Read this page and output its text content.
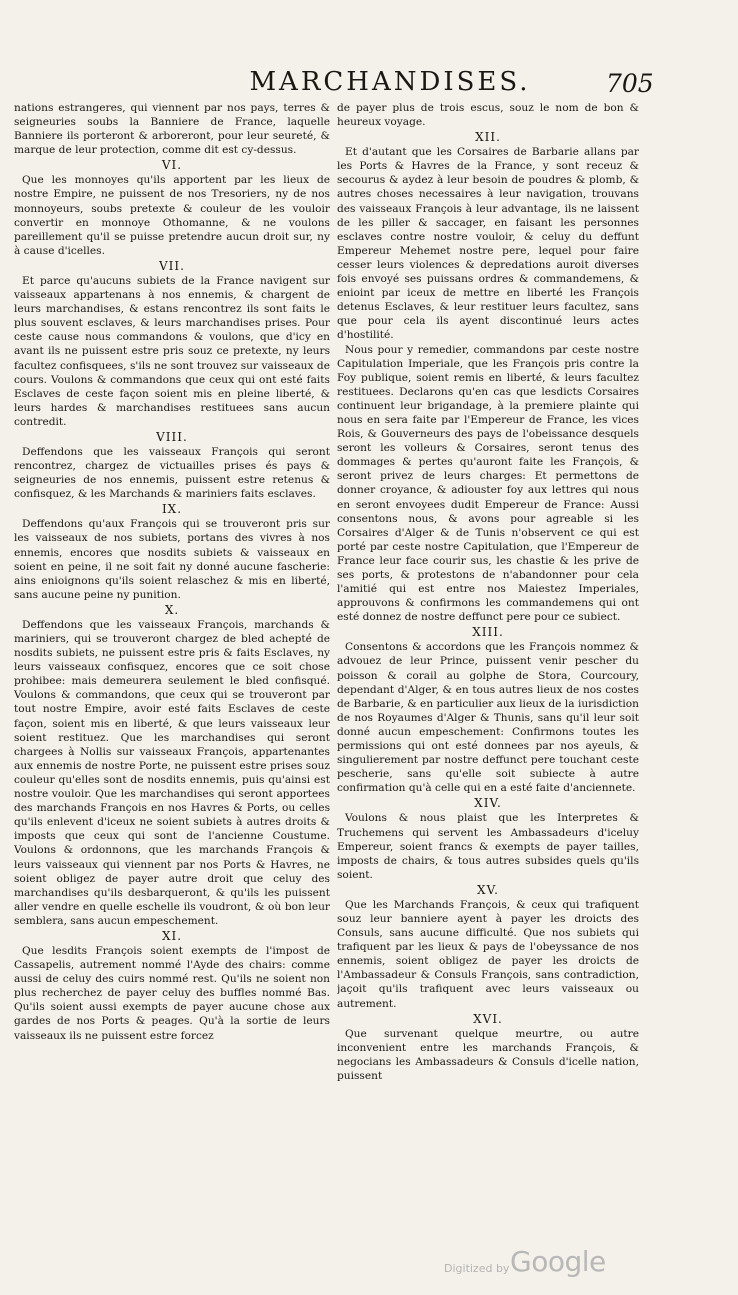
MARCHANDISES.	705

nations estrangeres, qui viennent par nos pays, terres & seigneuries soubs la Banniere de France, laquelle Banniere ils porteront & arboreront, pour leur seureté, & marque de leur protection, comme dit est cy-dessus.

VI.

Que les monnoyes qu'ils apportent par les lieux de nostre Empire, ne puissent de nos Tresoriers, ny de nos monnoyeurs, soubs pretexte & couleur de les vouloir convertir en monnoye Othomanne, & ne voulons pareillement qu'il se puisse pretendre aucun droit sur, ny à cause d'icelles.

VII.

Et parce qu'aucuns subiets de la France navigent sur vaisseaux appartenans à nos ennemis, & chargent de leurs marchandises, & estans rencontrez ils sont faits le plus souvent esclaves, & leurs marchandises prises. Pour ceste cause nous commandons & voulons, que d'icy en avant ils ne puissent estre pris souz ce pretexte, ny leurs facultez confisquees, s'ils ne sont trouvez sur vaisseaux de cours. Voulons & commandons que ceux qui ont esté faits Esclaves de ceste façon soient mis en pleine liberté, & leurs hardes & marchandises restituees sans aucun contredit.

VIII.

Deffendons que les vaisseaux François qui seront rencontrez, chargez de victuailles prises és pays & seigneuries de nos ennemis, puissent estre retenus & confisquez, & les Marchands & mariniers faits esclaves.

IX.

Deffendons qu'aux François qui se trouveront pris sur les vaisseaux de nos subiets, portans des vivres à nos ennemis, encores que nosdits subiets & vaisseaux en soient en peine, il ne soit fait ny donné aucune fascherie: ains enioignons qu'ils soient relaschez & mis en liberté, sans aucune peine ny punition.

X.

Deffendons que les vaisseaux François, marchands & mariniers, qui se trouveront chargez de bled achepté de nosdits subiets, ne puissent estre pris & faits Esclaves, ny leurs vaisseaux confisquez, encores que ce soit chose prohibee: mais demeurera seulement le bled confisqué. Voulons & commandons, que ceux qui se trouveront par tout nostre Empire, avoir esté faits Esclaves de ceste façon, soient mis en liberté, & que leurs vaisseaux leur soient restituez. Que les marchandises qui seront chargees à Nollis sur vaisseaux François, appartenantes aux ennemis de nostre Porte, ne puissent estre prises souz couleur qu'elles sont de nosdits ennemis, puis qu'ainsi est nostre vouloir. Que les marchandises qui seront apportees des marchands François en nos Havres & Ports, ou celles qu'ils enlevent d'iceux ne soient subiets à autres droits & imposts que ceux qui sont de l'ancienne Coustume. Voulons & ordonnons, que les marchands François & leurs vaisseaux qui viennent par nos Ports & Havres, ne soient obligez de payer autre droit que celuy des marchandises qu'ils desbarqueront, & qu'ils les puissent aller vendre en quelle eschelle ils voudront, & où bon leur semblera, sans aucun empeschement.

XI.

Que lesdits François soient exempts de l'impost de Cassapelis, autrement nommé l'Ayde des chairs: comme aussi de celuy des cuirs nommé rest. Qu'ils ne soient non plus recherchez de payer celuy des buffles nommé Bas. Qu'ils soient aussi exempts de payer aucune chose aux gardes de nos Ports & peages. Qu'à la sortie de leurs vaisseaux ils ne puissent estre forcez

de payer plus de trois escus, souz le nom de bon & heureux voyage.

XII.

Et d'autant que les Corsaires de Barbarie allans par les Ports & Havres de la France, y sont receuz & secourus & aydez à leur besoin de poudres & plomb, & autres choses necessaires à leur navigation, trouvans des vaisseaux François à leur advantage, ils ne laissent de les piller & saccager, en faisant les personnes esclaves contre nostre vouloir, & celuy du deffunt Empereur Mehemet nostre pere, lequel pour faire cesser leurs violences & depredations auroit diverses fois envoyé ses puissans ordres & commandemens, & enioint par iceux de mettre en liberté les François detenus Esclaves, & leur restituer leurs facultez, sans que pour cela ils ayent discontinué leurs actes d'hostilité.

Nous pour y remedier, commandons par ceste nostre Capitulation Imperiale, que les François pris contre la Foy publique, soient remis en liberté, & leurs facultez restituees. Declarons qu'en cas que lesdicts Corsaires continuent leur brigandage, à la premiere plainte qui nous en sera faite par l'Empereur de France, les vices Rois, & Gouverneurs des pays de l'obeissance desquels seront les volleurs & Corsaires, seront tenus des dommages & pertes qu'auront faite les François, & seront privez de leurs charges: Et permettons de donner croyance, & adiouster foy aux lettres qui nous en seront envoyees dudit Empereur de France: Aussi consentons nous, & avons pour agreable si les Corsaires d'Alger & de Tunis n'observent ce qui est porté par ceste nostre Capitulation, que l'Empereur de France leur face courir sus, les chastie & les prive de ses ports, & protestons de n'abandonner pour cela l'amitié qui est entre nos Maiestez Imperiales, approuvons & confirmons les commandemens qui ont esté donnez de nostre deffunct pere pour ce subiect.

XIII.

Consentons & accordons que les François nommez & advouez de leur Prince, puissent venir pescher du poisson & corail au golphe de Stora, Courcoury, dependant d'Alger, & en tous autres lieux de nos costes de Barbarie, & en particulier aux lieux de la iurisdiction de nos Royaumes d'Alger & Thunis, sans qu'il leur soit donné aucun empeschement: Confirmons toutes les permissions qui ont esté donnees par nos ayeuls, & singulierement par nostre deffunct pere touchant ceste pescherie, sans qu'elle soit subiecte à autre confirmation qu'à celle qui en a esté faite d'anciennete.

XIV.

Voulons & nous plaist que les Interpretes & Truchemens qui servent les Ambassadeurs d'iceluy Empereur, soient francs & exempts de payer tailles, imposts de chairs, & tous autres subsides quels qu'ils soient.

XV.

Que les Marchands François, & ceux qui trafiquent souz leur banniere ayent à payer les droicts des Consuls, sans aucune difficulté. Que nos subiets qui trafiquent par les lieux & pays de l'obeyssance de nos ennemis, soient obligez de payer les droicts de l'Ambassadeur & Consuls François, sans contradiction, jaçoit qu'ils trafiquent avec leurs vaisseaux ou autrement.

XVI.

Que survenant quelque meurtre, ou autre inconvenient entre les marchands François, & negocians les Ambassadeurs & Consuls d'icelle nation, puissent

Digitized by Google
